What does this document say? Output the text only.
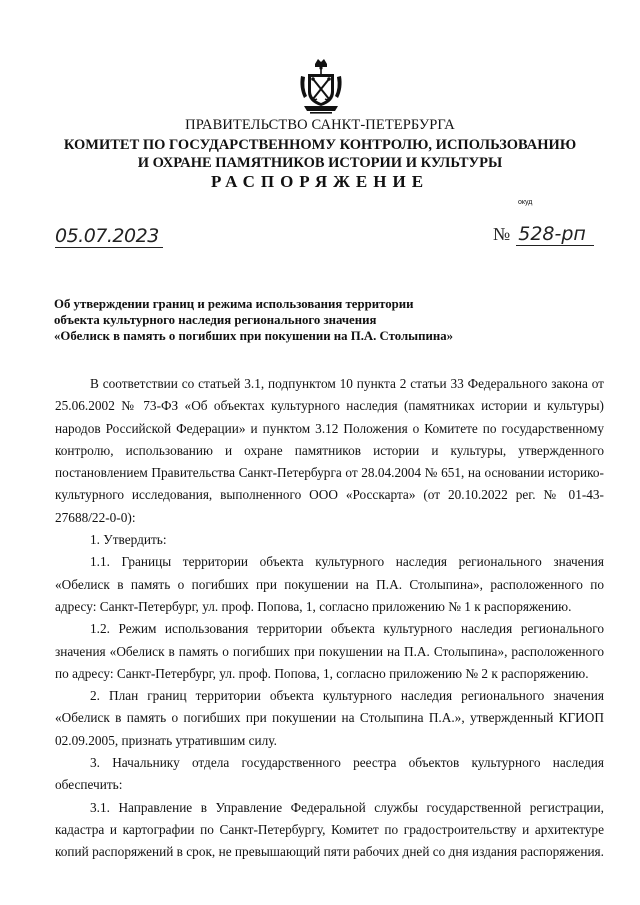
ПРАВИТЕЛЬСТВО САНКТ-ПЕТЕРБУРГА
КОМИТЕТ ПО ГОСУДАРСТВЕННОМУ КОНТРОЛЮ, ИСПОЛЬЗОВАНИЮ
И ОХРАНЕ ПАМЯТНИКОВ ИСТОРИИ И КУЛЬТУРЫ
РАСПОРЯЖЕНИЕ
окуд
05.07.2023	№ 528-рп
Об утверждении границ и режима использования территории
объекта культурного наследия регионального значения
«Обелиск в память о погибших при покушении на П.А. Столыпина»

В соответствии со статьей 3.1, подпунктом 10 пункта 2 статьи 33 Федерального закона от 25.06.2002 № 73-ФЗ «Об объектах культурного наследия (памятниках истории и культуры) народов Российской Федерации» и пунктом 3.12 Положения о Комитете по государственному контролю, использованию и охране памятников истории и культуры, утвержденного постановлением Правительства Санкт-Петербурга от 28.04.2004 № 651, на основании историко-культурного исследования, выполненного ООО «Росскарта» (от 20.10.2022 рег. № 01-43-27688/22-0-0):

1. Утвердить:

1.1. Границы территории объекта культурного наследия регионального значения «Обелиск в память о погибших при покушении на П.А. Столыпина», расположенного по адресу: Санкт-Петербург, ул. проф. Попова, 1, согласно приложению № 1 к распоряжению.

1.2. Режим использования территории объекта культурного наследия регионального значения «Обелиск в память о погибших при покушении на П.А. Столыпина», расположенного по адресу: Санкт-Петербург, ул. проф. Попова, 1, согласно приложению № 2 к распоряжению.

2. План границ территории объекта культурного наследия регионального значения «Обелиск в память о погибших при покушении на Столыпина П.А.», утвержденный КГИОП 02.09.2005, признать утратившим силу.

3. Начальнику отдела государственного реестра объектов культурного наследия обеспечить:

3.1. Направление в Управление Федеральной службы государственной регистрации, кадастра и картографии по Санкт-Петербургу, Комитет по градостроительству и архитектуре копий распоряжений в срок, не превышающий пяти рабочих дней со дня издания распоряжения.
